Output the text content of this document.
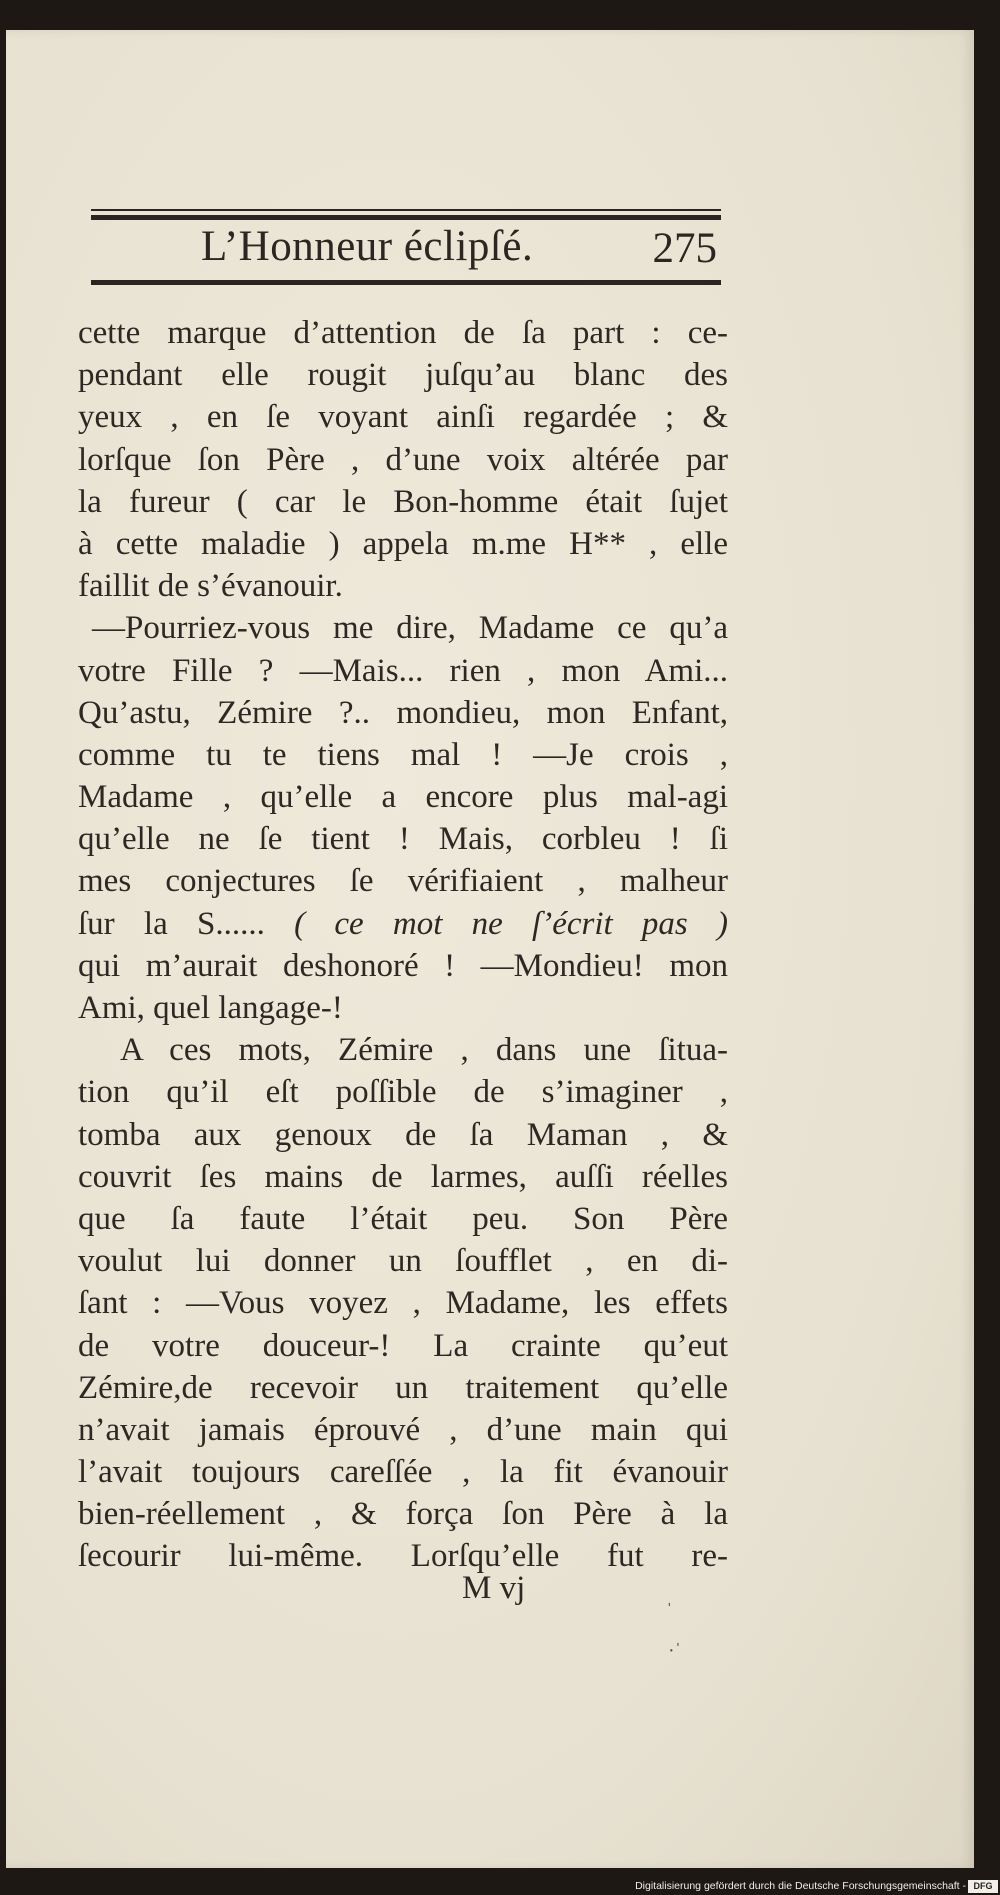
L’Honneur éclipſé.	275
cette marque d’attention de ſa part : ce-
pendant elle rougit juſqu’au blanc des
yeux , en ſe voyant ainſi regardée ; &
lorſque ſon Père , d’une voix altérée par
la fureur ( car le Bon-homme était ſujet
à cette maladie ) appela m.me H** , elle
faillit de s’évanouir.
—Pourriez-vous me dire, Madame ce qu’a
votre Fille ? —Mais... rien , mon Ami...
Qu’astu, Zémire ?.. mondieu, mon Enfant,
comme tu te tiens mal ! —Je crois ,
Madame , qu’elle a encore plus mal-agi
qu’elle ne ſe tient ! Mais, corbleu ! ſi
mes conjectures ſe vérifiaient , malheur
ſur la S...... ( ce mot ne ſ’écrit pas )
qui m’aurait deshonoré ! —Mondieu! mon
Ami, quel langage-!
A ces mots, Zémire , dans une ſitua-
tion qu’il eſt poſſible de s’imaginer ,
tomba aux genoux de ſa Maman , &
couvrit ſes mains de larmes, auſſi réelles
que ſa faute l’était peu. Son Père
voulut lui donner un ſoufflet , en di-
ſant : —Vous voyez , Madame, les effets
de votre douceur-! La crainte qu’eut
Zémire,de recevoir un traitement qu’elle
n’avait jamais éprouvé , d’une main qui
l’avait toujours careſſée , la fit évanouir
bien-réellement , & força ſon Père à la
ſecourir lui-même. Lorſqu’elle fut re-
M vj
ˈ
·ˈ
Digitalisierung gefördert durch die Deutsche Forschungsgemeinschaft - DFG
